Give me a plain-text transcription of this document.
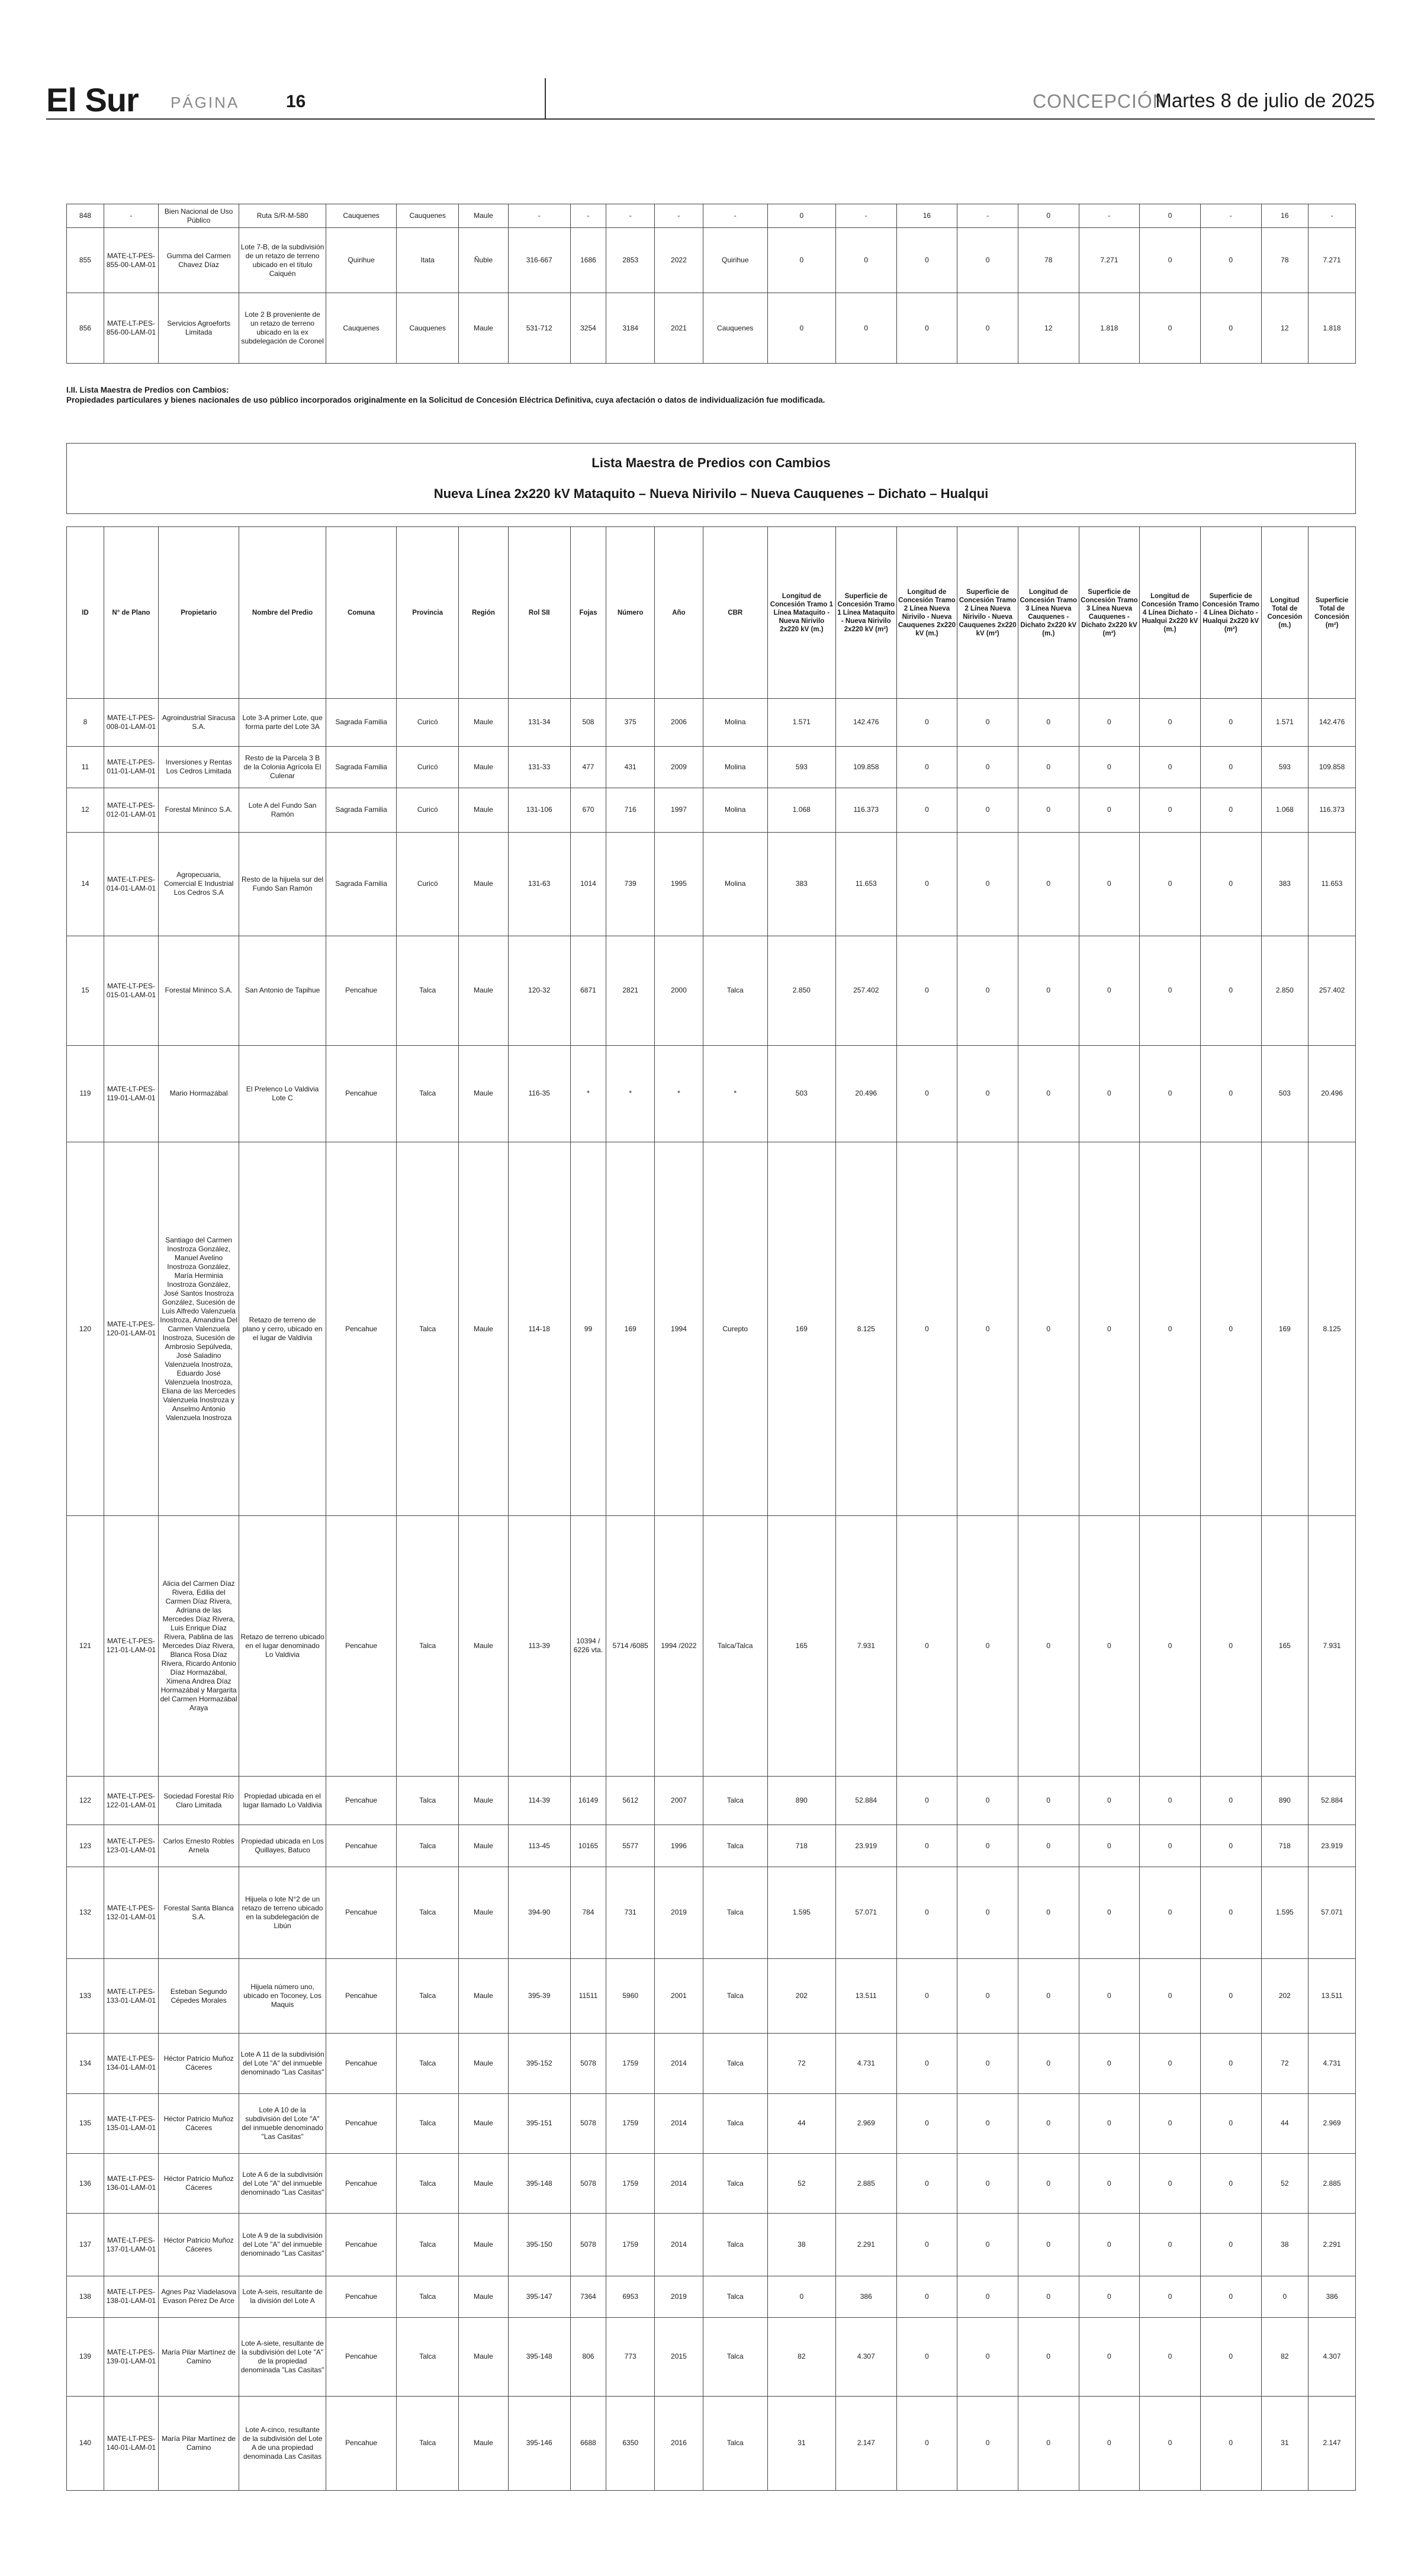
El Sur PÁGINA	16	CONCEPCIÓN
Martes 8 de julio de 2025
848	-	Bien Nacional de Uso Público	Ruta S/R-M-580	Cauquenes	Cauquenes	Maule	-	-	-	-	-	0	-	16	-	0	-	0	-	16	-
855	MATE-LT-PES-855-00-LAM-01	Gumma del Carmen Chavez Díaz	Lote 7-B, de la subdivisión de un retazo de terreno ubicado en el título Caiquén	Quirihue	Itata	Ñuble	316-667	1686	2853	2022	Quirihue	0	0	0	0	78	7.271	0	0	78	7.271
856	MATE-LT-PES-856-00-LAM-01	Servicios Agroeforts Limitada	Lote 2 B proveniente de un retazo de terreno ubicado en la ex subdelegación de Coronel	Cauquenes	Cauquenes	Maule	531-712	3254	3184	2021	Cauquenes	0	0	0	0	12	1.818	0	0	12	1.818
I.II. Lista Maestra de Predios con Cambios:
Propiedades particulares y bienes nacionales de uso público incorporados originalmente en la Solicitud de Concesión Eléctrica Definitiva, cuya afectación o datos de individualización fue modificada.
Lista Maestra de Predios con Cambios
Nueva Línea 2x220 kV Mataquito – Nueva Nirivilo – Nueva Cauquenes – Dichato – Hualqui
ID	N° de Plano	Propietario	Nombre del Predio	Comuna	Provincia	Región	Rol SII	Fojas	Número	Año	CBR	Longitud de Concesión Tramo 1 Línea Mataquito - Nueva Nirivilo 2x220 kV (m.)	Superficie de Concesión Tramo 1 Línea Mataquito - Nueva Nirivilo 2x220 kV (m²)	Longitud de Concesión Tramo 2 Línea Nueva Nirivilo - Nueva Cauquenes 2x220 kV (m.)	Superficie de Concesión Tramo 2 Línea Nueva Nirivilo - Nueva Cauquenes 2x220 kV (m²)	Longitud de Concesión Tramo 3 Línea Nueva Cauquenes - Dichato 2x220 kV (m.)	Superficie de Concesión Tramo 3 Línea Nueva Cauquenes - Dichato 2x220 kV (m²)	Longitud de Concesión Tramo 4 Línea Dichato - Hualqui 2x220 kV (m.)	Superficie de Concesión Tramo 4 Línea Dichato - Hualqui 2x220 kV (m²)	Longitud Total de Concesión (m.)	Superficie Total de Concesión (m²)
8	MATE-LT-PES-008-01-LAM-01	Agroindustrial Siracusa S.A.	Lote 3-A primer Lote, que forma parte del Lote 3A	Sagrada Familia	Curicó	Maule	131-34	508	375	2006	Molina	1.571	142.476	0	0	0	0	0	0	1.571	142.476
11	MATE-LT-PES-011-01-LAM-01	Inversiones y Rentas Los Cedros Limitada	Resto de la Parcela 3 B de la Colonia Agrícola El Culenar	Sagrada Familia	Curicó	Maule	131-33	477	431	2009	Molina	593	109.858	0	0	0	0	0	0	593	109.858
12	MATE-LT-PES-012-01-LAM-01	Forestal Mininco S.A.	Lote A del Fundo San Ramón	Sagrada Familia	Curicó	Maule	131-106	670	716	1997	Molina	1.068	116.373	0	0	0	0	0	0	1.068	116.373
14	MATE-LT-PES-014-01-LAM-01	Agropecuaria, Comercial E Industrial Los Cedros S.A	Resto de la hijuela sur del Fundo San Ramón	Sagrada Familia	Curicó	Maule	131-63	1014	739	1995	Molina	383	11.653	0	0	0	0	0	0	383	11.653
15	MATE-LT-PES-015-01-LAM-01	Forestal Mininco S.A.	San Antonio de Tapihue	Pencahue	Talca	Maule	120-32	6871	2821	2000	Talca	2.850	257.402	0	0	0	0	0	0	2.850	257.402
119	MATE-LT-PES-119-01-LAM-01	Mario Hormazábal	El Prelenco Lo Valdivia Lote C	Pencahue	Talca	Maule	116-35	*	*	*	*	503	20.496	0	0	0	0	0	0	503	20.496
120	MATE-LT-PES-120-01-LAM-01	Santiago del Carmen Inostroza González, Manuel Avelino Inostroza González, María Herminia Inostroza González, José Santos Inostroza González, Sucesión de Luis Alfredo Valenzuela Inostroza, Amandina Del Carmen Valenzuela Inostroza, Sucesión de Ambrosio Sepúlveda, José Saladino Valenzuela Inostroza, Eduardo José Valenzuela Inostroza, Eliana de las Mercedes Valenzuela Inostroza y Anselmo Antonio Valenzuela Inostroza	Retazo de terreno de plano y cerro, ubicado en el lugar de Valdivia	Pencahue	Talca	Maule	114-18	99	169	1994	Curepto	169	8.125	0	0	0	0	0	0	169	8.125
121	MATE-LT-PES-121-01-LAM-01	Alicia del Carmen Díaz Rivera, Edilia del Carmen Díaz Rivera, Adriana de las Mercedes Díaz Rivera, Luis Enrique Díaz Rivera, Pablina de las Mercedes Díaz Rivera, Blanca Rosa Díaz Rivera, Ricardo Antonio Díaz Hormazábal, Ximena Andrea Díaz Hormazábal y Margarita del Carmen Hormazábal Araya	Retazo de terreno ubicado en el lugar denominado Lo Valdivia	Pencahue	Talca	Maule	113-39	10394 / 6226 vta.	5714 /6085	1994 /2022	Talca/Talca	165	7.931	0	0	0	0	0	0	165	7.931
122	MATE-LT-PES-122-01-LAM-01	Sociedad Forestal Río Claro Limitada	Propiedad ubicada en el lugar llamado Lo Valdivia	Pencahue	Talca	Maule	114-39	16149	5612	2007	Talca	890	52.884	0	0	0	0	0	0	890	52.884
123	MATE-LT-PES-123-01-LAM-01	Carlos Ernesto Robles Arnela	Propiedad ubicada en Los Quillayes, Batuco	Pencahue	Talca	Maule	113-45	10165	5577	1996	Talca	718	23.919	0	0	0	0	0	0	718	23.919
132	MATE-LT-PES-132-01-LAM-01	Forestal Santa Blanca S.A.	Hijuela o lote N°2 de un retazo de terreno ubicado en la subdelegación de Libún	Pencahue	Talca	Maule	394-90	784	731	2019	Talca	1.595	57.071	0	0	0	0	0	0	1.595	57.071
133	MATE-LT-PES-133-01-LAM-01	Esteban Segundo Cépedes Morales	Hijuela número uno, ubicado en Toconey, Los Maquis	Pencahue	Talca	Maule	395-39	11511	5960	2001	Talca	202	13.511	0	0	0	0	0	0	202	13.511
134	MATE-LT-PES-134-01-LAM-01	Héctor Patricio Muñoz Cáceres	Lote A 11 de la subdivisión del Lote "A" del inmueble denominado "Las Casitas"	Pencahue	Talca	Maule	395-152	5078	1759	2014	Talca	72	4.731	0	0	0	0	0	0	72	4.731
135	MATE-LT-PES-135-01-LAM-01	Héctor Patricio Muñoz Cáceres	Lote A 10 de la subdivisión del Lote "A" del inmueble denominado "Las Casitas"	Pencahue	Talca	Maule	395-151	5078	1759	2014	Talca	44	2.969	0	0	0	0	0	0	44	2.969
136	MATE-LT-PES-136-01-LAM-01	Héctor Patricio Muñoz Cáceres	Lote A 6 de la subdivisión del Lote "A" del inmueble denominado "Las Casitas"	Pencahue	Talca	Maule	395-148	5078	1759	2014	Talca	52	2.885	0	0	0	0	0	0	52	2.885
137	MATE-LT-PES-137-01-LAM-01	Héctor Patricio Muñoz Cáceres	Lote A 9 de la subdivisión del Lote "A" del inmueble denominado "Las Casitas"	Pencahue	Talca	Maule	395-150	5078	1759	2014	Talca	38	2.291	0	0	0	0	0	0	38	2.291
138	MATE-LT-PES-138-01-LAM-01	Agnes Paz Viadelasova Evason Pérez De Arce	Lote A-seis, resultante de la división del Lote A	Pencahue	Talca	Maule	395-147	7364	6953	2019	Talca	0	386	0	0	0	0	0	0	0	386
139	MATE-LT-PES-139-01-LAM-01	María Pilar Martínez de Camino	Lote A-siete, resultante de la subdivisión del Lote "A" de la propiedad denominada "Las Casitas"	Pencahue	Talca	Maule	395-148	806	773	2015	Talca	82	4.307	0	0	0	0	0	0	82	4.307
140	MATE-LT-PES-140-01-LAM-01	María Pilar Martínez de Camino	Lote A-cinco, resultante de la subdivisión del Lote A de una propiedad denominada Las Casitas	Pencahue	Talca	Maule	395-146	6688	6350	2016	Talca	31	2.147	0	0	0	0	0	0	31	2.147
